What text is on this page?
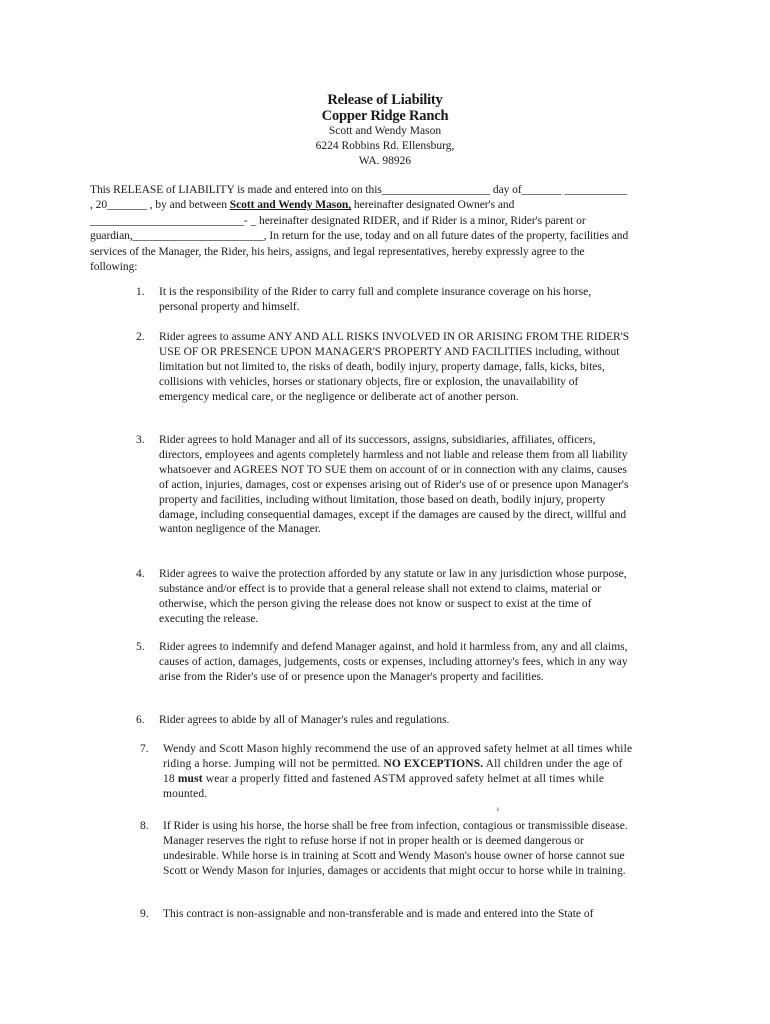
Release of Liability
Copper Ridge Ranch
Scott and Wendy Mason
6224 Robbins Rd. Ellensburg,
WA. 98926
This RELEASE of LIABILITY is made and entered into on this___________________ day of_______ ___________ , 20_______ , by and between Scott and Wendy Mason, hereinafter designated Owner's and ___________________________- _ hereinafter designated RIDER, and if Rider is a minor, Rider's parent or guardian,_______________________, In return for the use, today and on all future dates of the property, facilities and services of the Manager, the Rider, his heirs, assigns, and legal representatives, hereby expressly agree to the following:
1.	It is the responsibility of the Rider to carry full and complete insurance coverage on his horse, personal property and himself.
2.	Rider agrees to assume ANY AND ALL RISKS INVOLVED IN OR ARISING FROM THE RIDER'S USE OF OR PRESENCE UPON MANAGER'S PROPERTY AND FACILITIES including, without limitation but not limited to, the risks of death, bodily injury, property damage, falls, kicks, bites, collisions with vehicles, horses or stationary objects, fire or explosion, the unavailability of emergency medical care, or the negligence or deliberate act of another person.
3.	Rider agrees to hold Manager and all of its successors, assigns, subsidiaries, affiliates, officers, directors, employees and agents completely harmless and not liable and release them from all liability whatsoever and AGREES NOT TO SUE them on account of or in connection with any claims, causes of action, injuries, damages, cost or expenses arising out of Rider's use of or presence upon Manager's property and facilities, including without limitation, those based on death, bodily injury, property damage, including consequential damages, except if the damages are caused by the direct, willful and wanton negligence of the Manager.
4.	Rider agrees to waive the protection afforded by any statute or law in any jurisdiction whose purpose, substance and/or effect is to provide that a general release shall not extend to claims, material or otherwise, which the person giving the release does not know or suspect to exist at the time of executing the release.
5.	Rider agrees to indemnify and defend Manager against, and hold it harmless from, any and all claims, causes of action, damages, judgements, costs or expenses, including attorney's fees, which in any way arise from the Rider's use of or presence upon the Manager's property and facilities.
6.	Rider agrees to abide by all of Manager's rules and regulations.
7.	Wendy and Scott Mason highly recommend the use of an approved safety helmet at all times while riding a horse. Jumping will not be permitted. NO EXCEPTIONS. All children under the age of 18 must wear a properly fitted and fastened ASTM approved safety helmet at all times while mounted.
8.	If Rider is using his horse, the horse shall be free from infection, contagious or transmissible disease. Manager reserves the right to refuse horse if not in proper health or is deemed dangerous or undesirable. While horse is in training at Scott and Wendy Mason's house owner of horse cannot sue Scott or Wendy Mason for injuries, damages or accidents that might occur to horse while in training.
9.	This contract is non-assignable and non-transferable and is made and entered into the State of
ı
